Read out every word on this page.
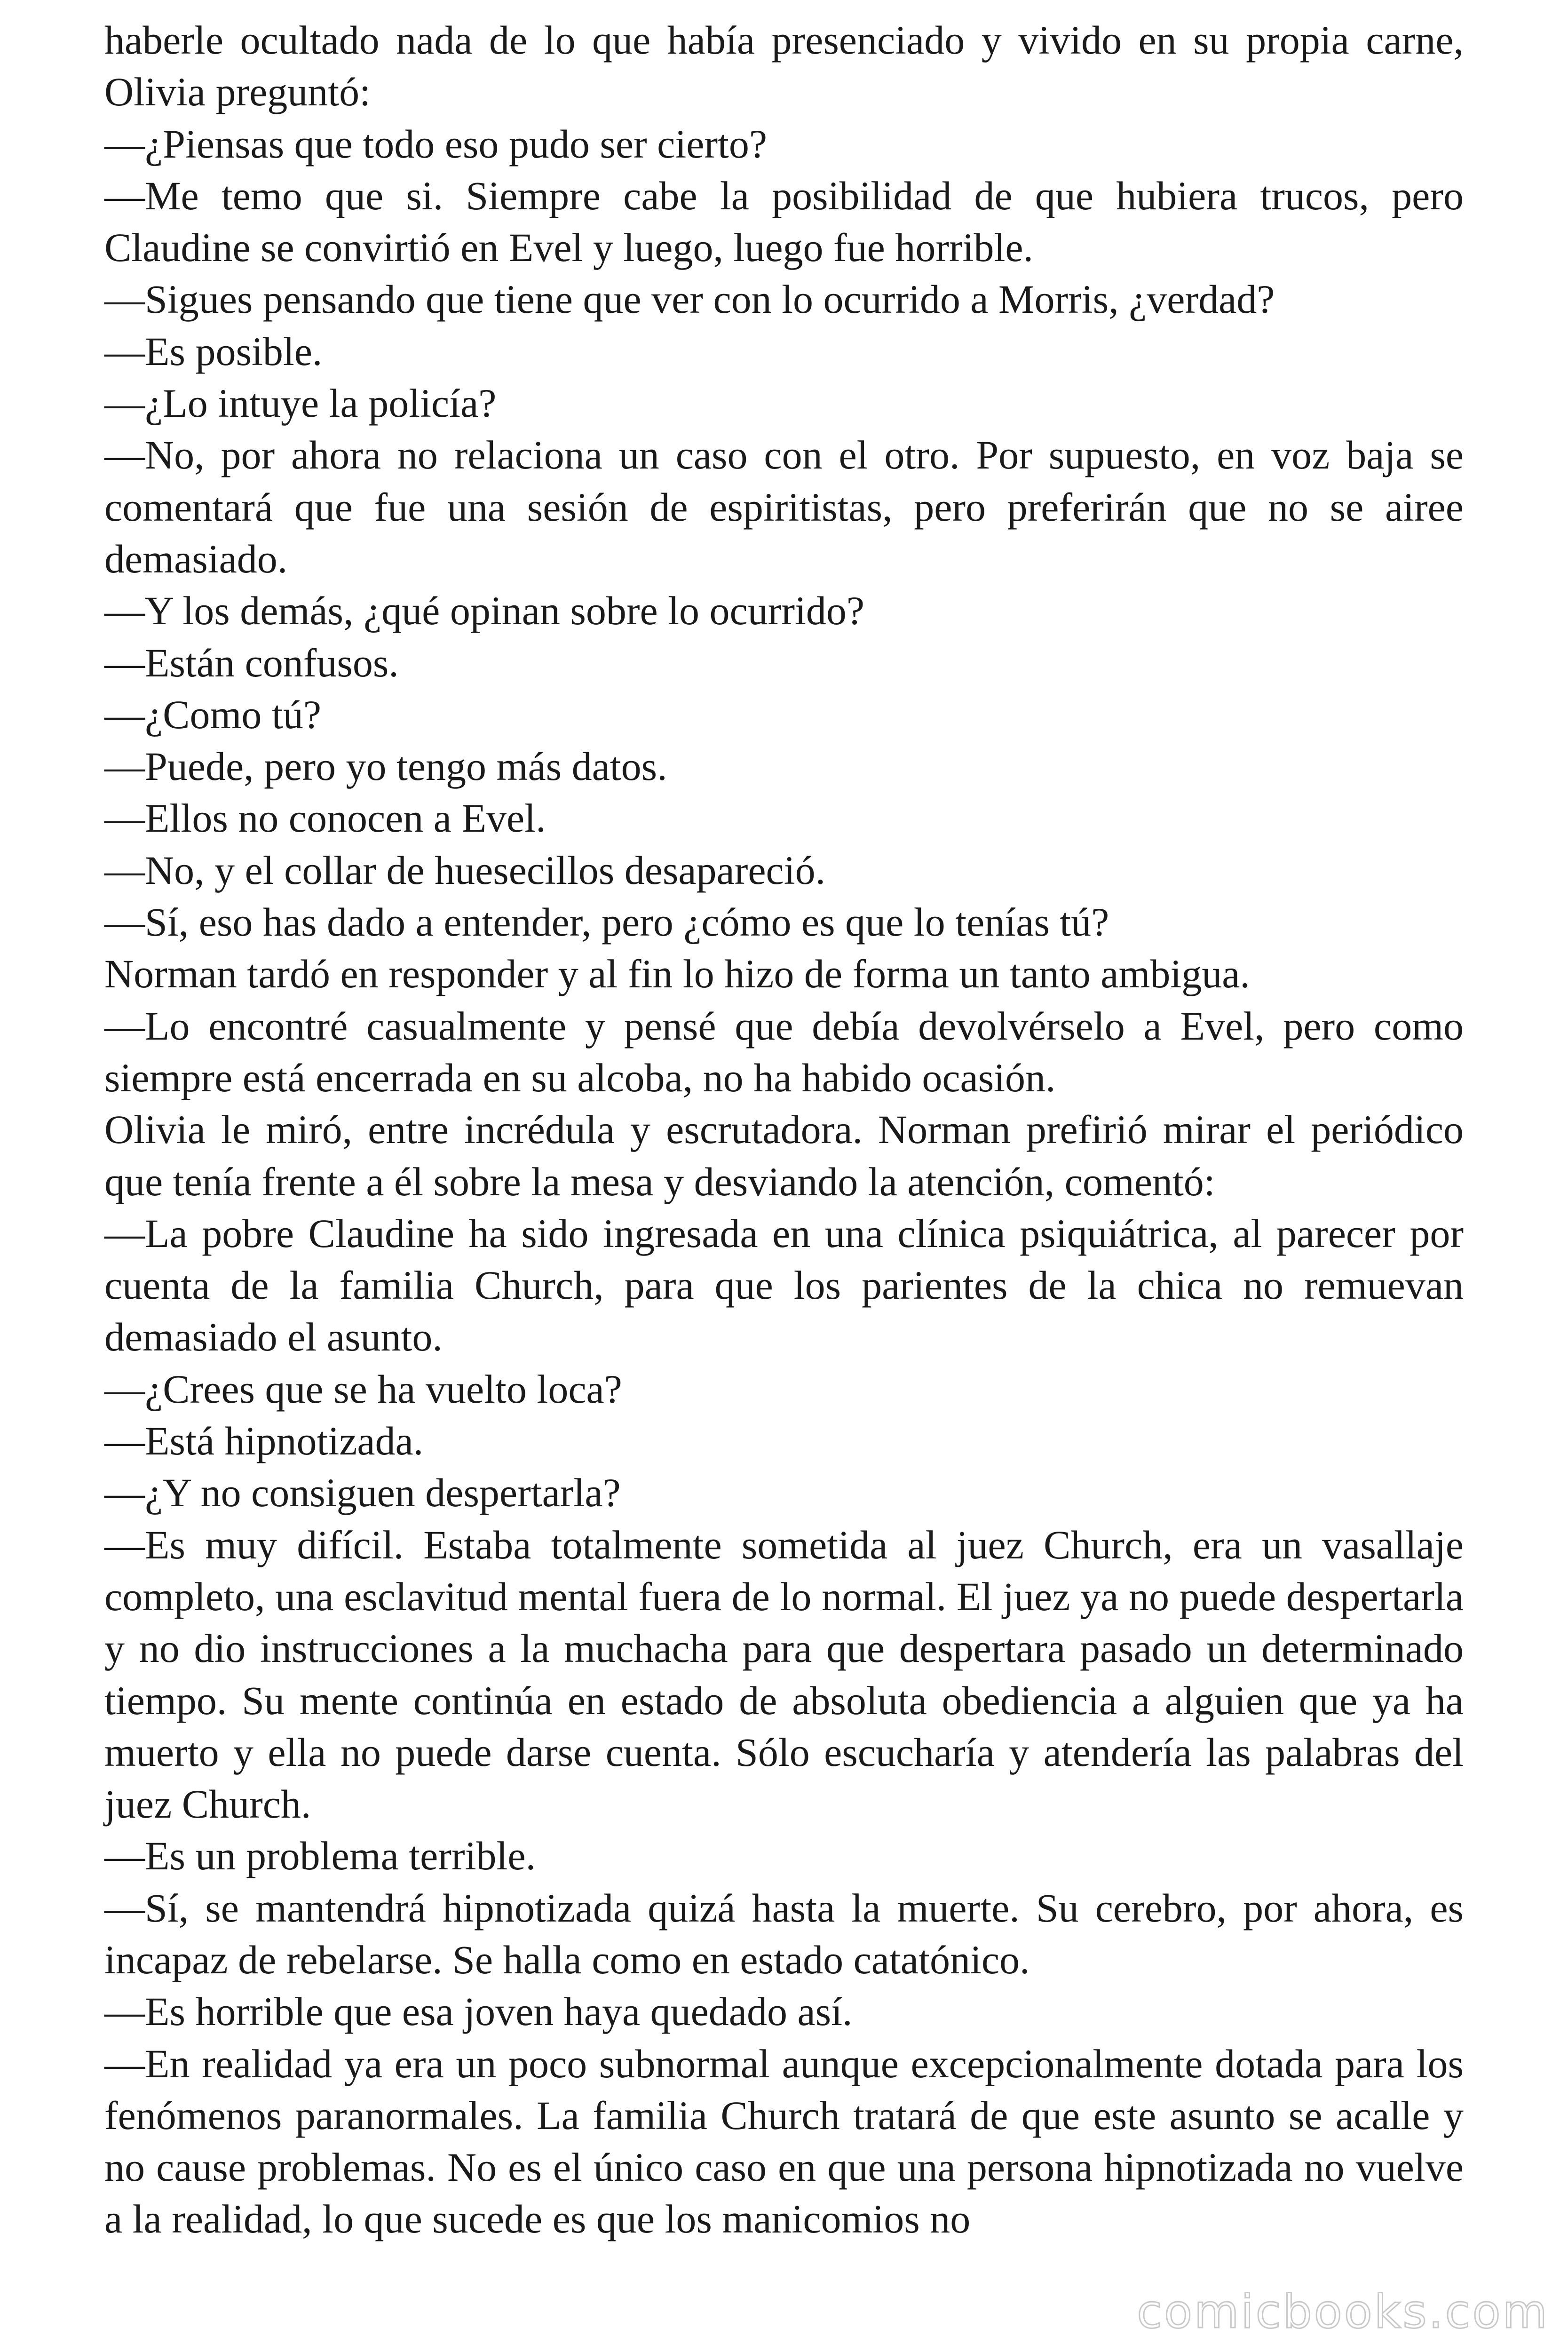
haberle ocultado nada de lo que había presenciado y vivido en su propia carne, Olivia preguntó:

—¿Piensas que todo eso pudo ser cierto?

—Me temo que si. Siempre cabe la posibilidad de que hubiera trucos, pero Claudine se convirtió en Evel y luego, luego fue horrible.

—Sigues pensando que tiene que ver con lo ocurrido a Morris, ¿verdad?

—Es posible.

—¿Lo intuye la policía?

—No, por ahora no relaciona un caso con el otro. Por supuesto, en voz baja se comentará que fue una sesión de espiritistas, pero preferirán que no se airee demasiado.

—Y los demás, ¿qué opinan sobre lo ocurrido?

—Están confusos.

—¿Como tú?

—Puede, pero yo tengo más datos.

—Ellos no conocen a Evel.

—No, y el collar de huesecillos desapareció.

—Sí, eso has dado a entender, pero ¿cómo es que lo tenías tú?

Norman tardó en responder y al fin lo hizo de forma un tanto ambigua.

—Lo encontré casualmente y pensé que debía devolvérselo a Evel, pero como siempre está encerrada en su alcoba, no ha habido ocasión.

Olivia le miró, entre incrédula y escrutadora. Norman prefirió mirar el periódico que tenía frente a él sobre la mesa y desviando la atención, comentó:

—La pobre Claudine ha sido ingresada en una clínica psiquiátrica, al parecer por cuenta de la familia Church, para que los parientes de la chica no remuevan demasiado el asunto.

—¿Crees que se ha vuelto loca?

—Está hipnotizada.

—¿Y no consiguen despertarla?

—Es muy difícil. Estaba totalmente sometida al juez Church, era un vasallaje completo, una esclavitud mental fuera de lo normal. El juez ya no puede despertarla y no dio instrucciones a la muchacha para que despertara pasado un determinado tiempo. Su mente continúa en estado de absoluta obediencia a alguien que ya ha muerto y ella no puede darse cuenta. Sólo escucharía y atendería las palabras del juez Church.

—Es un problema terrible.

—Sí, se mantendrá hipnotizada quizá hasta la muerte. Su cerebro, por ahora, es incapaz de rebelarse. Se halla como en estado catatónico.

—Es horrible que esa joven haya quedado así.

—En realidad ya era un poco subnormal aunque excepcionalmente dotada para los fenómenos paranormales. La familia Church tratará de que este asunto se acalle y no cause problemas. No es el único caso en que una persona hipnotizada no vuelve a la realidad, lo que sucede es que los manicomios no

comicbooks.com
